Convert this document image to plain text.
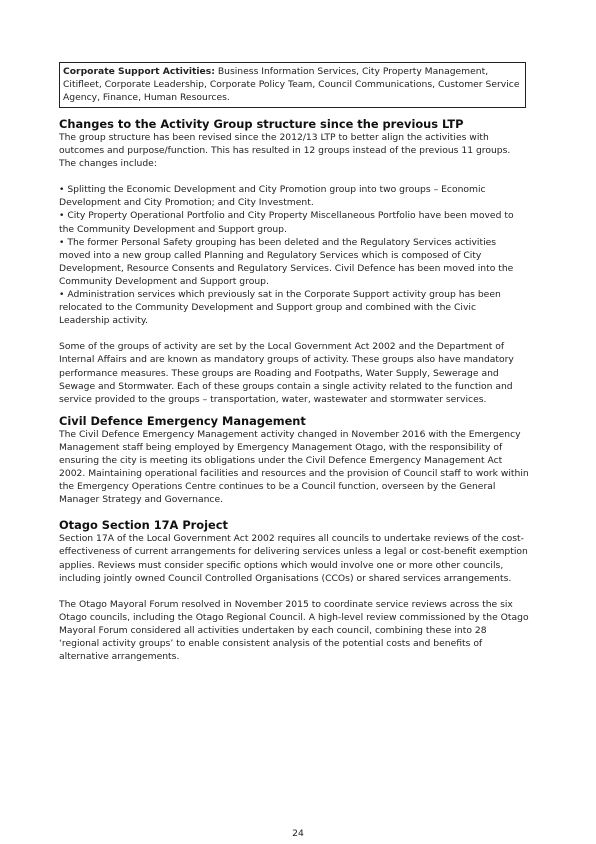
Corporate Support Activities: Business Information Services, City Property Management, Citifleet, Corporate Leadership, Corporate Policy Team, Council Communications, Customer Service Agency, Finance, Human Resources.
Changes to the Activity Group structure since the previous LTP

The group structure has been revised since the 2012/13 LTP to better align the activities with outcomes and purpose/function. This has resulted in 12 groups instead of the previous 11 groups.

The changes include:

• Splitting the Economic Development and City Promotion group into two groups – Economic Development and City Promotion; and City Investment.

• City Property Operational Portfolio and City Property Miscellaneous Portfolio have been moved to the Community Development and Support group.

• The former Personal Safety grouping has been deleted and the Regulatory Services activities moved into a new group called Planning and Regulatory Services which is composed of City Development, Resource Consents and Regulatory Services. Civil Defence has been moved into the Community Development and Support group.

• Administration services which previously sat in the Corporate Support activity group has been relocated to the Community Development and Support group and combined with the Civic Leadership activity.

Some of the groups of activity are set by the Local Government Act 2002 and the Department of Internal Affairs and are known as mandatory groups of activity. These groups also have mandatory performance measures. These groups are Roading and Footpaths, Water Supply, Sewerage and Sewage and Stormwater. Each of these groups contain a single activity related to the function and service provided to the groups – transportation, water, wastewater and stormwater services.

Civil Defence Emergency Management

The Civil Defence Emergency Management activity changed in November 2016 with the Emergency Management staff being employed by Emergency Management Otago, with the responsibility of ensuring the city is meeting its obligations under the Civil Defence Emergency Management Act 2002. Maintaining operational facilities and resources and the provision of Council staff to work within the Emergency Operations Centre continues to be a Council function, overseen by the General Manager Strategy and Governance.

Otago Section 17A Project

Section 17A of the Local Government Act 2002 requires all councils to undertake reviews of the cost-effectiveness of current arrangements for delivering services unless a legal or cost-benefit exemption applies. Reviews must consider specific options which would involve one or more other councils, including jointly owned Council Controlled Organisations (CCOs) or shared services arrangements.

The Otago Mayoral Forum resolved in November 2015 to coordinate service reviews across the six Otago councils, including the Otago Regional Council. A high-level review commissioned by the Otago Mayoral Forum considered all activities undertaken by each council, combining these into 28 ‘regional activity groups’ to enable consistent analysis of the potential costs and benefits of alternative arrangements.

24
